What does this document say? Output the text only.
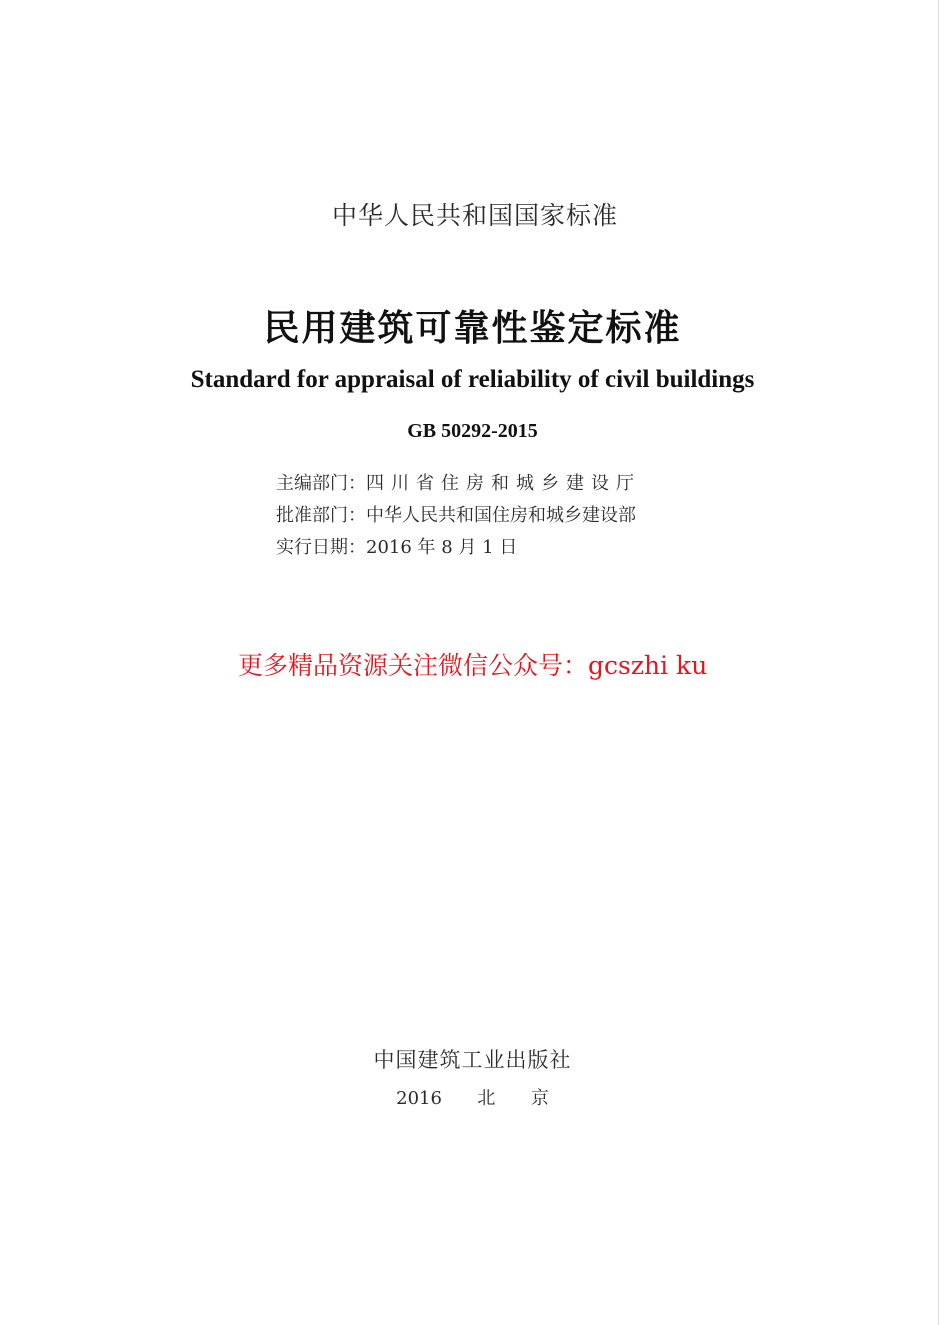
中华人民共和国国家标准
民用建筑可靠性鉴定标准
Standard for appraisal of reliability of civil buildings
GB 50292-2015
主编部门：四川省住房和城乡建设厅
批准部门：中华人民共和国住房和城乡建设部
实行日期：2016 年 8 月 1 日
更多精品资源关注微信公众号：gcszhi ku
中国建筑工业出版社
2016  北  京
